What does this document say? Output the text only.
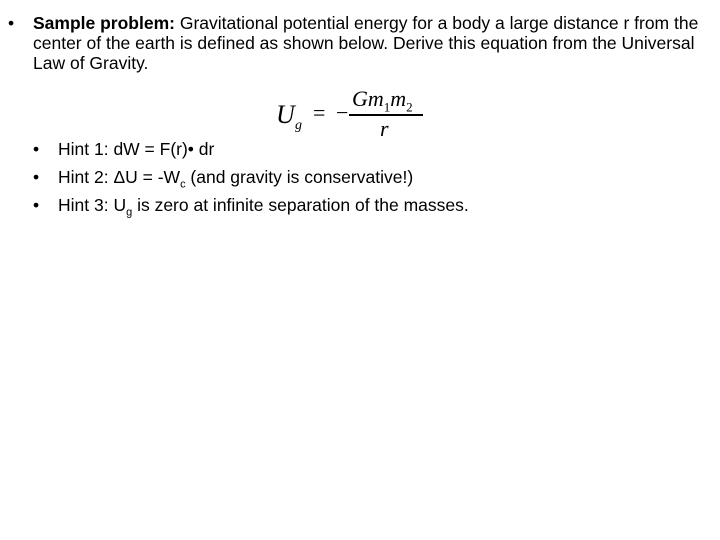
• Sample problem: Gravitational potential energy for a body a large distance r from the center of the earth is defined as shown below. Derive this equation from the Universal Law of Gravity.
U g
= −
$Gm_1m_2$
r
• Hint 1: dW = F(r)• dr
• Hint 2: $\Delta U = -W_c$ (and gravity is conservative!)
• Hint 3: $U_g$ is zero at infinite separation of the masses.
